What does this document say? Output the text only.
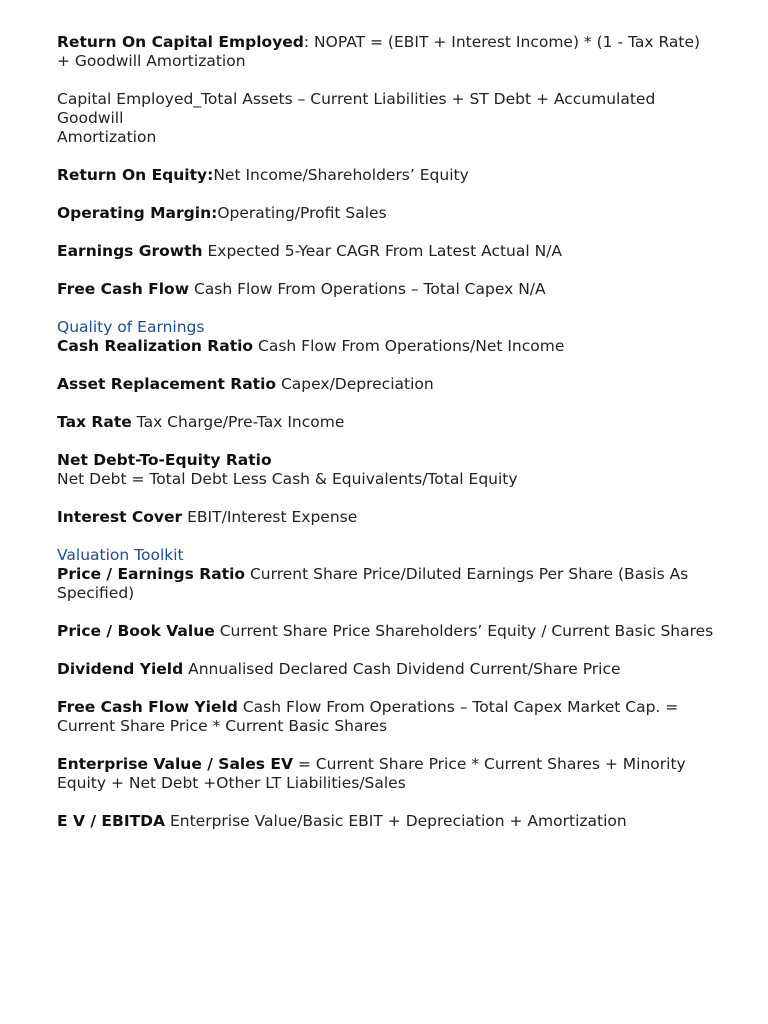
Return On Capital Employed: NOPAT = (EBIT + Interest Income) * (1 - Tax Rate) + Goodwill Amortization
Capital Employed_Total Assets – Current Liabilities + ST Debt + Accumulated Goodwill
Amortization
Return On Equity:Net Income/Shareholders’ Equity
Operating Margin:Operating/Profit Sales
Earnings Growth Expected 5-Year CAGR From Latest Actual N/A
Free Cash Flow Cash Flow From Operations – Total Capex N/A
Quality of Earnings
Cash Realization Ratio Cash Flow From Operations/Net Income
Asset Replacement Ratio Capex/Depreciation
Tax Rate Tax Charge/Pre-Tax Income
Net Debt-To-Equity Ratio
Net Debt = Total Debt Less Cash & Equivalents/Total Equity
Interest Cover EBIT/Interest Expense
Valuation Toolkit
Price / Earnings Ratio Current Share Price/Diluted Earnings Per Share (Basis As Specified)
Price / Book Value Current Share Price Shareholders’ Equity / Current Basic Shares
Dividend Yield Annualised Declared Cash Dividend Current/Share Price
Free Cash Flow Yield Cash Flow From Operations – Total Capex Market Cap. = Current Share Price * Current Basic Shares
Enterprise Value / Sales EV = Current Share Price * Current Shares + Minority Equity + Net Debt +Other LT Liabilities/Sales
E V / EBITDA Enterprise Value/Basic EBIT + Depreciation + Amortization
